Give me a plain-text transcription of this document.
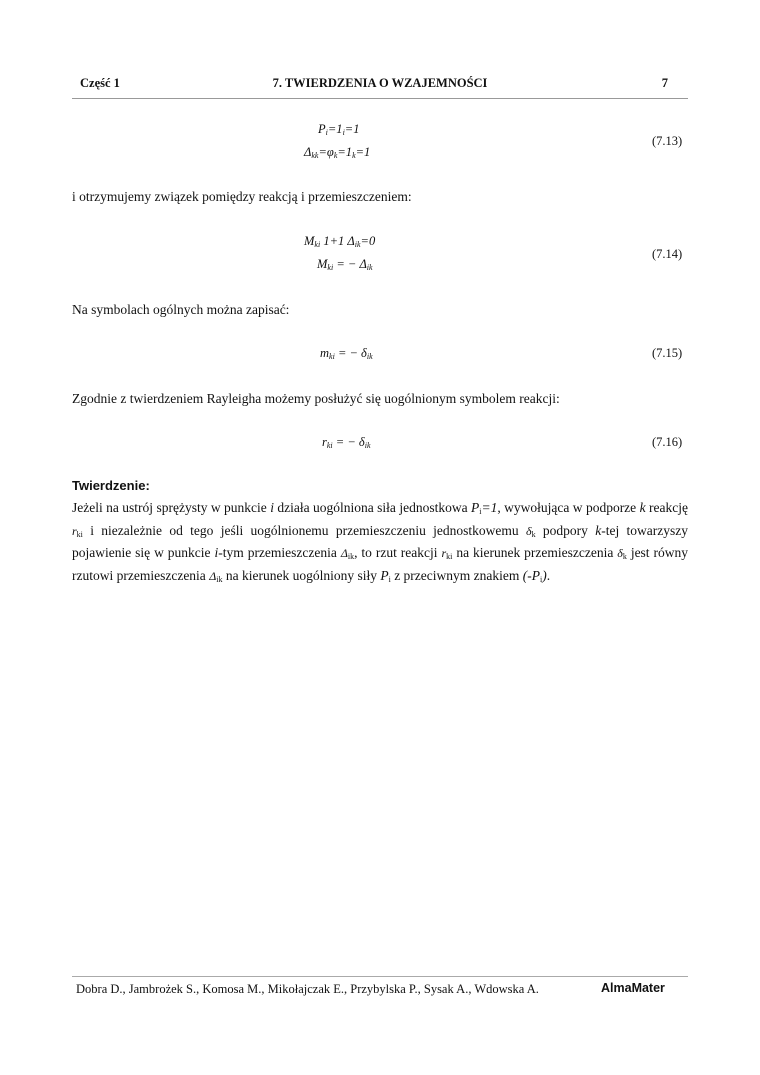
Część 1	7. TWIERDZENIA O WZAJEMNOŚCI	7
$P_i=1_i=1$
$\Delta_{kk}=\varphi_k=1_k=1$
(7.13)
i otrzymujemy związek pomiędzy reakcją i przemieszczeniem:
$M_{ki}$ 1+1 $\Delta_{ik}=0$
$M_{ki}$ = − $\Delta_{ik}$
(7.14)
Na symbolach ogólnych można zapisać:
$m_{ki}$ = − $\delta_{ik}$	(7.15)
Zgodnie z twierdzeniem Rayleigha możemy posłużyć się uogólnionym symbolem reakcji:
$r_{ki}$ = − $\delta_{ik}$	(7.16)
Twierdzenie:
Jeżeli na ustrój sprężysty w punkcie i działa uogólniona siła jednostkowa $P_i=1$, wywołująca w podporze k reakcję $r_{ki}$ i niezależnie od tego jeśli uogólnionemu przemieszczeniu jednostkowemu $\delta_k$ podpory k-tej towarzyszy pojawienie się w punkcie i-tym przemieszczenia $\Delta_{ik}$, to rzut reakcji $r_{ki}$ na kierunek przemieszczenia $\delta_k$ jest równy rzutowi przemieszczenia $\Delta_{ik}$ na kierunek uogólniony siły $P_i$ z przeciwnym znakiem $(-P_i)$.
Dobra D., Jambrożek S., Komosa M., Mikołajczak E., Przybylska P., Sysak A., Wdowska A.	AlmaMater
